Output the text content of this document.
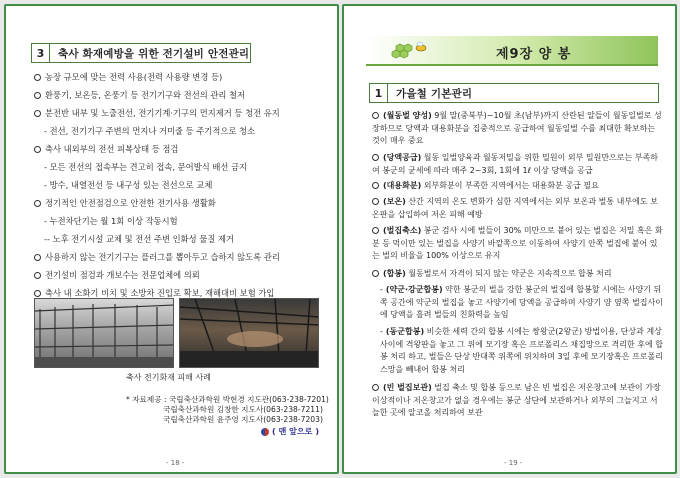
3	축사 화재예방을 위한 전기설비 안전관리
농장 규모에 맞는 전력 사용(전력 사용량 변경 등)
환풍기, 보온등, 온풍기 등 전기기구와 전선의 관리 철저
분전반 내부 및 노출전선, 전기기계·기구의 먼지제거 등 청전 유지
- 전선, 전기기구 주변의 먼지나 거미줄 등 주기적으로 청소
축사 내외부의 전선 피복상태 등 점검
- 모든 전선의 접속부는 견고히 접속, 문어발식 배선 금지
- 방수, 내열전선 등 내구성 있는 전선으로 교체
정기적인 안전점검으로 안전한 전기사용 생활화
- 누전차단기는 월 1회 이상 작동시험
-- 노후 전기시설 교체 및 전선 주변 인화성 물질 제거
사용하지 않는 전기기구는 플러그를 뽑아두고 습하지 않도록 관리
전기설비 점검과 개보수는 전문업체에 의뢰
축사 내 소화기 비치 및 소방차 진입로 확보, 재해대비 보험 가입
축사 전기화재 피해 사례
* 자료제공 : 국립축산과학원 박현경 지도관(063-238-7201)
국립축산과학원 김창한 지도사(063-238-7211)
국립축산과학원 윤주영 지도사(063-238-7203)
( 맨 앞으로 )
- 18 -
제9장 양 봉
1	가을철 기본관리
(월동벌 양성) 9월 말(중북부)~10월 초(남부)까지 산란된 알들이 월동일벌로 성장하므로 당액과 대용화분을 집중적으로 공급하여 월동일벌 수를 최대한 확보하는 것이 매우 중요
(당액공급) 월동 일벌양육과 월동저밀을 위한 밀원이 외부 밀원만으로는 부족하여 봉군의 균세에 따라 매주 2~3회, 1회에 1ℓ 이상 당액을 공급
(대용화분) 외부화분이 부족한 지역에서는 대용화분 공급 필요
(보온) 산간 지역의 온도 변화가 심한 지역에서는 외부 보온과 벌통 내부에도 보온판을 삽입하여 저온 피해 예방
(벌집축소) 봉군 검사 시에 벌들이 30% 미만으로 붙어 있는 벌집은 저밀 혹은 화분 등 먹이만 있는 벌집을 사양기 바깥쪽으로 이동하여 사양기 안쪽 벌집에 붙어 있는 벌의 비율을 100% 이상으로 유지
(합봉) 월동벌로서 자격이 되지 않는 약군은 지속적으로 합봉 처리
- (약군·강군합봉) 약한 봉군의 벌을 강한 봉군의 벌집에 합봉할 시에는 사양기 뒤쪽 공간에 약군의 벌집을 놓고 사양기에 당액을 공급하며 사양기 양 옆쪽 벌집사이에 당액을 흘려 벌들의 친화력을 높임
- (동군합봉) 비슷한 세력 간의 합봉 시에는 쌍왕군(2왕군) 방법이용, 단상과 계상사이에 격왕판을 놓고 그 위에 모기장 혹은 프로폴리스 채집망으로 격리한 후에 합봉 처리 하고, 벌들은 단상 반대쪽 위쪽에 위치하며 3일 후에 모기장혹은 프로폴리스망을 빼내어 합봉 처리
(빈 벌집보관) 벌집 축소 및 합봉 등으로 남은 빈 벌집은 저온창고에 보관이 가장 이상적이나 저온창고가 없을 경우에는 봉군 상단에 보관하거나 외부의 그늘지고 서늘한 곳에 알코올 처리하여 보관
- 19 -
